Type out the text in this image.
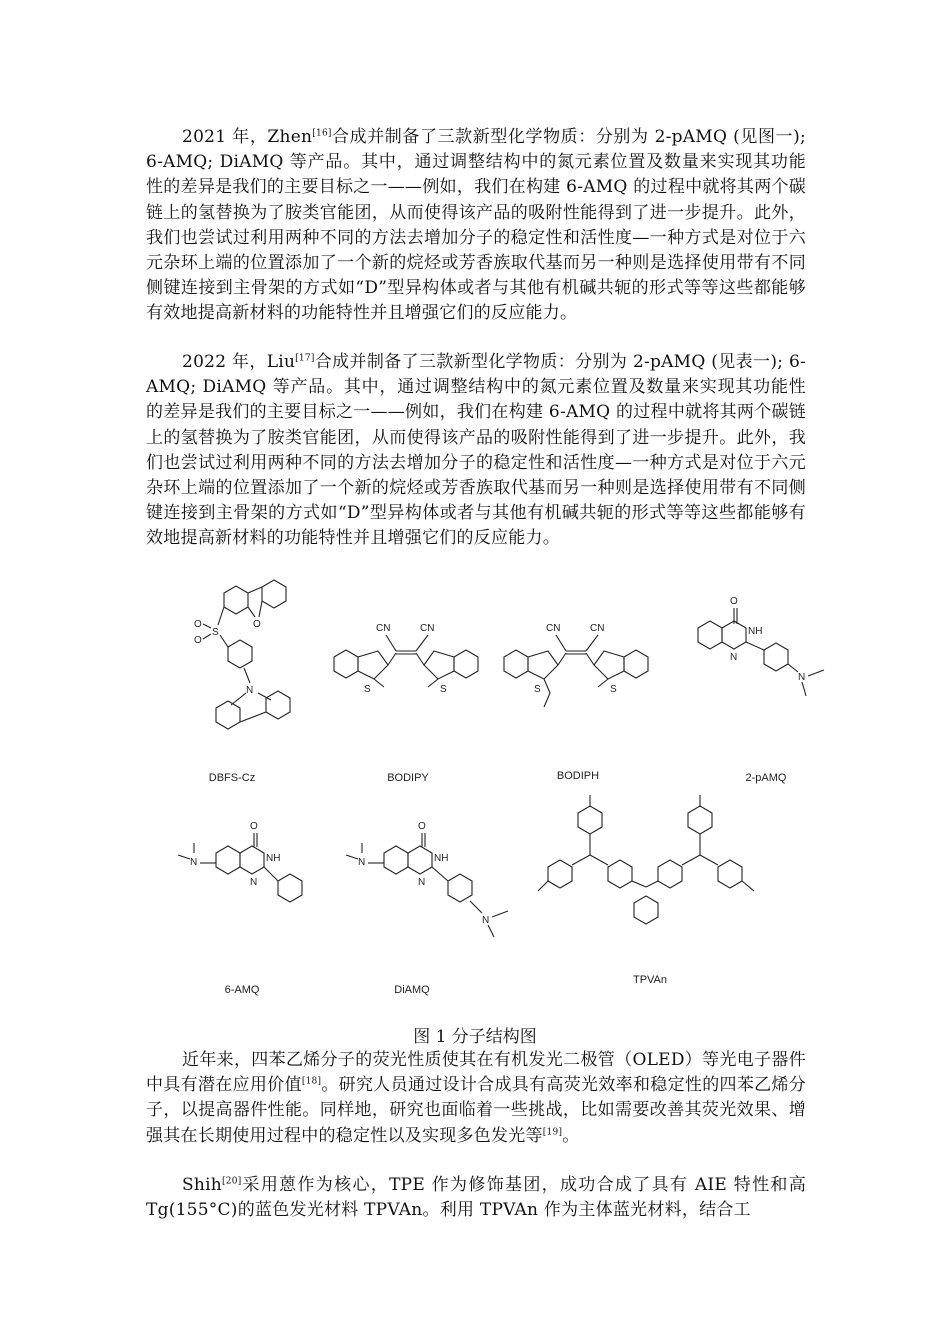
2021 年，Zhen[16]合成并制备了三款新型化学物质：分别为 2-pAMQ (见图一); 6-AMQ; DiAMQ 等产品。其中，通过调整结构中的氮元素位置及数量来实现其功能性的差异是我们的主要目标之一——例如，我们在构建 6-AMQ 的过程中就将其两个碳链上的氢替换为了胺类官能团，从而使得该产品的吸附性能得到了进一步提升。此外，我们也尝试过利用两种不同的方法去增加分子的稳定性和活性度—一种方式是对位于六元杂环上端的位置添加了一个新的烷烃或芳香族取代基而另一种则是选择使用带有不同侧键连接到主骨架的方式如“D”型异构体或者与其他有机碱共轭的形式等等这些都能够有效地提高新材料的功能特性并且增强它们的反应能力。

2022 年，Liu[17]合成并制备了三款新型化学物质：分别为 2-pAMQ (见表一); 6-AMQ; DiAMQ 等产品。其中，通过调整结构中的氮元素位置及数量来实现其功能性的差异是我们的主要目标之一——例如，我们在构建 6-AMQ 的过程中就将其两个碳链上的氢替换为了胺类官能团，从而使得该产品的吸附性能得到了进一步提升。此外，我们也尝试过利用两种不同的方法去增加分子的稳定性和活性度—一种方式是对位于六元杂环上端的位置添加了一个新的烷烃或芳香族取代基而另一种则是选择使用带有不同侧键连接到主骨架的方式如“D”型异构体或者与其他有机碱共轭的形式等等这些都能够有效地提高新材料的功能特性并且增强它们的反应能力。

O
S
O
O
N
DBFS-Cz
CN	CN
S	S
BODIPY
CN	CN
S	S
BODIPH
O
NH
N
N
2-pAMQ
O
N	NH
N
6-AMQ
O
N	NH
N
N
DiAMQ
TPVAn
图 1 分子结构图

近年来，四苯乙烯分子的荧光性质使其在有机发光二极管（OLED）等光电子器件中具有潜在应用价值[18]。研究人员通过设计合成具有高荧光效率和稳定性的四苯乙烯分子，以提高器件性能。同样地，研究也面临着一些挑战，比如需要改善其荧光效果、增强其在长期使用过程中的稳定性以及实现多色发光等[19]。

Shih[20]采用蒽作为核心，TPE 作为修饰基团，成功合成了具有 AIE 特性和高 Tg(155°C)的蓝色发光材料 TPVAn。利用 TPVAn 作为主体蓝光材料，结合工
